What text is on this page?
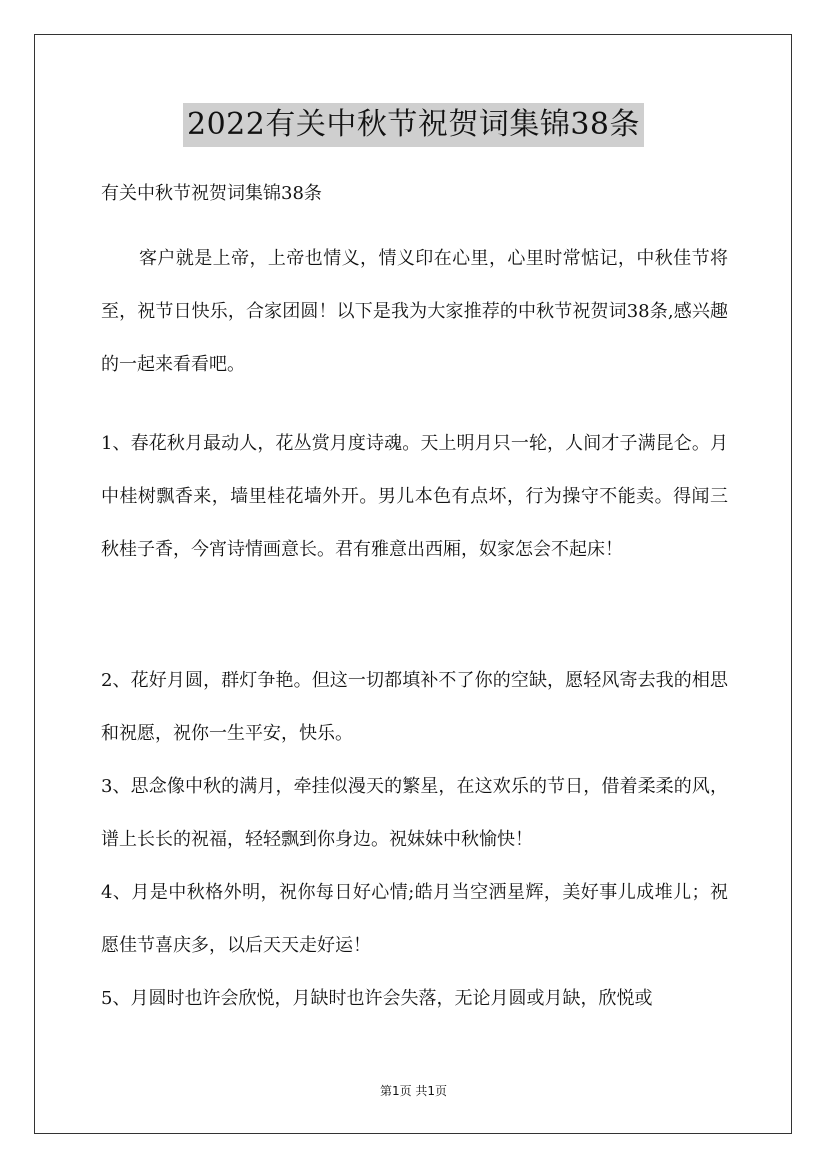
2022有关中秋节祝贺词集锦38条
有关中秋节祝贺词集锦38条
客户就是上帝，上帝也情义，情义印在心里，心里时常惦记，中秋佳节将至，祝节日快乐，合家团圆！以下是我为大家推荐的中秋节祝贺词38条,感兴趣的一起来看看吧。
1、春花秋月最动人，花丛赏月度诗魂。天上明月只一轮，人间才子满昆仑。月中桂树飘香来，墙里桂花墙外开。男儿本色有点坏，行为操守不能卖。得闻三秋桂子香，今宵诗情画意长。君有雅意出西厢，奴家怎会不起床！
2、花好月圆，群灯争艳。但这一切都填补不了你的空缺，愿轻风寄去我的相思和祝愿，祝你一生平安，快乐。
3、思念像中秋的满月，牵挂似漫天的繁星，在这欢乐的节日，借着柔柔的风，谱上长长的祝福，轻轻飘到你身边。祝妹妹中秋愉快！
4、月是中秋格外明，祝你每日好心情;皓月当空洒星辉，美好事儿成堆儿；祝愿佳节喜庆多，以后天天走好运！
5、月圆时也许会欣悦，月缺时也许会失落，无论月圆或月缺，欣悦或
第1页 共1页
